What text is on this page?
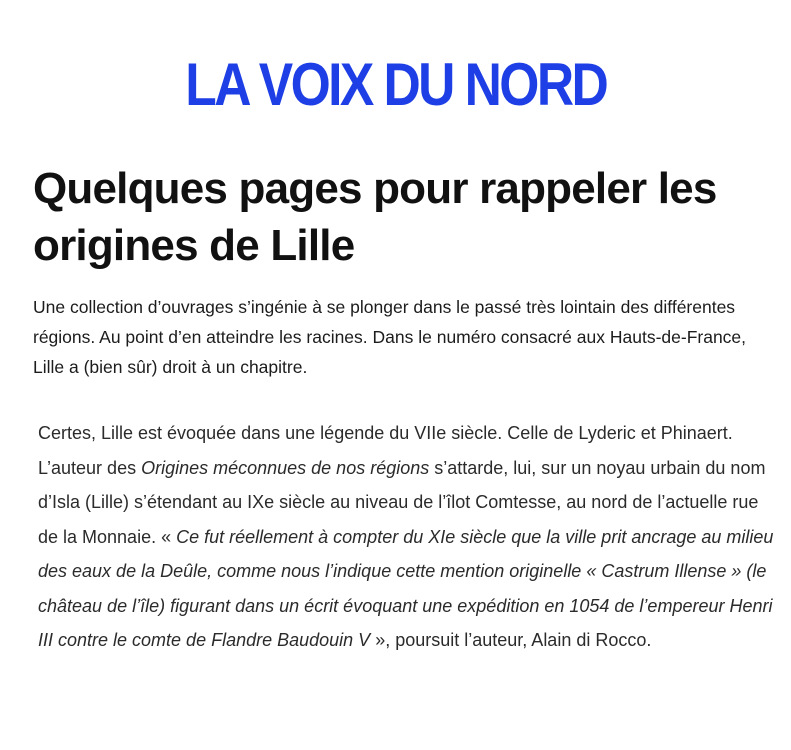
LA VOIX DU NORD
Quelques pages pour rappeler les origines de Lille

Une collection d’ouvrages s’ingénie à se plonger dans le passé très lointain des différentes régions. Au point d’en atteindre les racines. Dans le numéro consacré aux Hauts-de-France, Lille a (bien sûr) droit à un chapitre.

Certes, Lille est évoquée dans une légende du VIIe siècle. Celle de Lyderic et Phinaert. L’auteur des Origines méconnues de nos régions s’attarde, lui, sur un noyau urbain du nom d’Isla (Lille) s’étendant au IXe siècle au niveau de l’îlot Comtesse, au nord de l’actuelle rue de la Monnaie. « Ce fut réellement à compter du XIe siècle que la ville prit ancrage au milieu des eaux de la Deûle, comme nous l’indique cette mention originelle « Castrum Illense » (le château de l’île) figurant dans un écrit évoquant une expédition en 1054 de l’empereur Henri III contre le comte de Flandre Baudouin V », poursuit l’auteur, Alain di Rocco.
